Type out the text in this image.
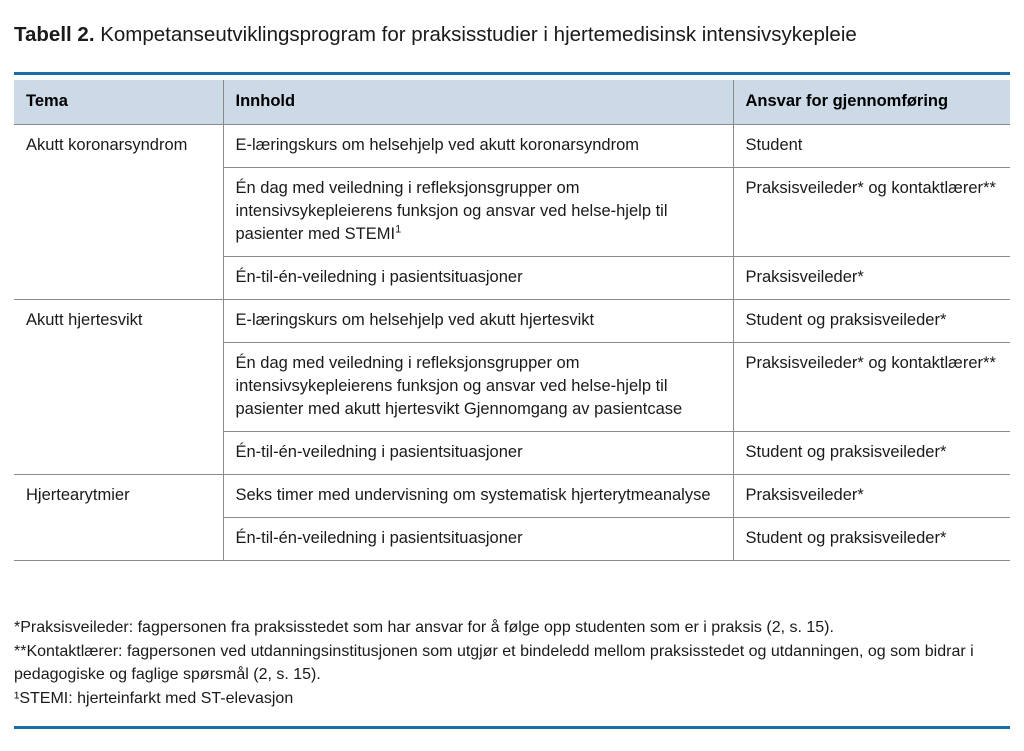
Tabell 2. Kompetanseutviklingsprogram for praksisstudier i hjertemedisinsk intensivsykepleie
Tema	Innhold	Ansvar for gjennomføring
Akutt koronarsyndrom	E-læringskurs om helsehjelp ved akutt koronarsyndrom	Student
	Én dag med veiledning i refleksjonsgrupper om intensivsykepleierens funksjon og ansvar ved helse-hjelp til pasienter med STEMI$^1$	Praksisveileder* og kontaktlærer**
	Én-til-én-veiledning i pasientsituasjoner	Praksisveileder*
Akutt hjertesvikt	E-læringskurs om helsehjelp ved akutt hjertesvikt	Student og praksisveileder*
	Én dag med veiledning i refleksjonsgrupper om intensivsykepleierens funksjon og ansvar ved helse-hjelp til pasienter med akutt hjertesvikt Gjennomgang av pasientcase	Praksisveileder* og kontaktlærer**
	Én-til-én-veiledning i pasientsituasjoner	Student og praksisveileder*
Hjertearytmier	Seks timer med undervisning om systematisk hjerterytmeanalyse	Praksisveileder*
	Én-til-én-veiledning i pasientsituasjoner	Student og praksisveileder*

*Praksisveileder: fagpersonen fra praksisstedet som har ansvar for å følge opp studenten som er i praksis (2, s. 15).

**Kontaktlærer: fagpersonen ved utdanningsinstitusjonen som utgjør et bindeledd mellom praksisstedet og utdanningen, og som bidrar i pedagogiske og faglige spørsmål (2, s. 15).

¹STEMI: hjerteinfarkt med ST-elevasjon
